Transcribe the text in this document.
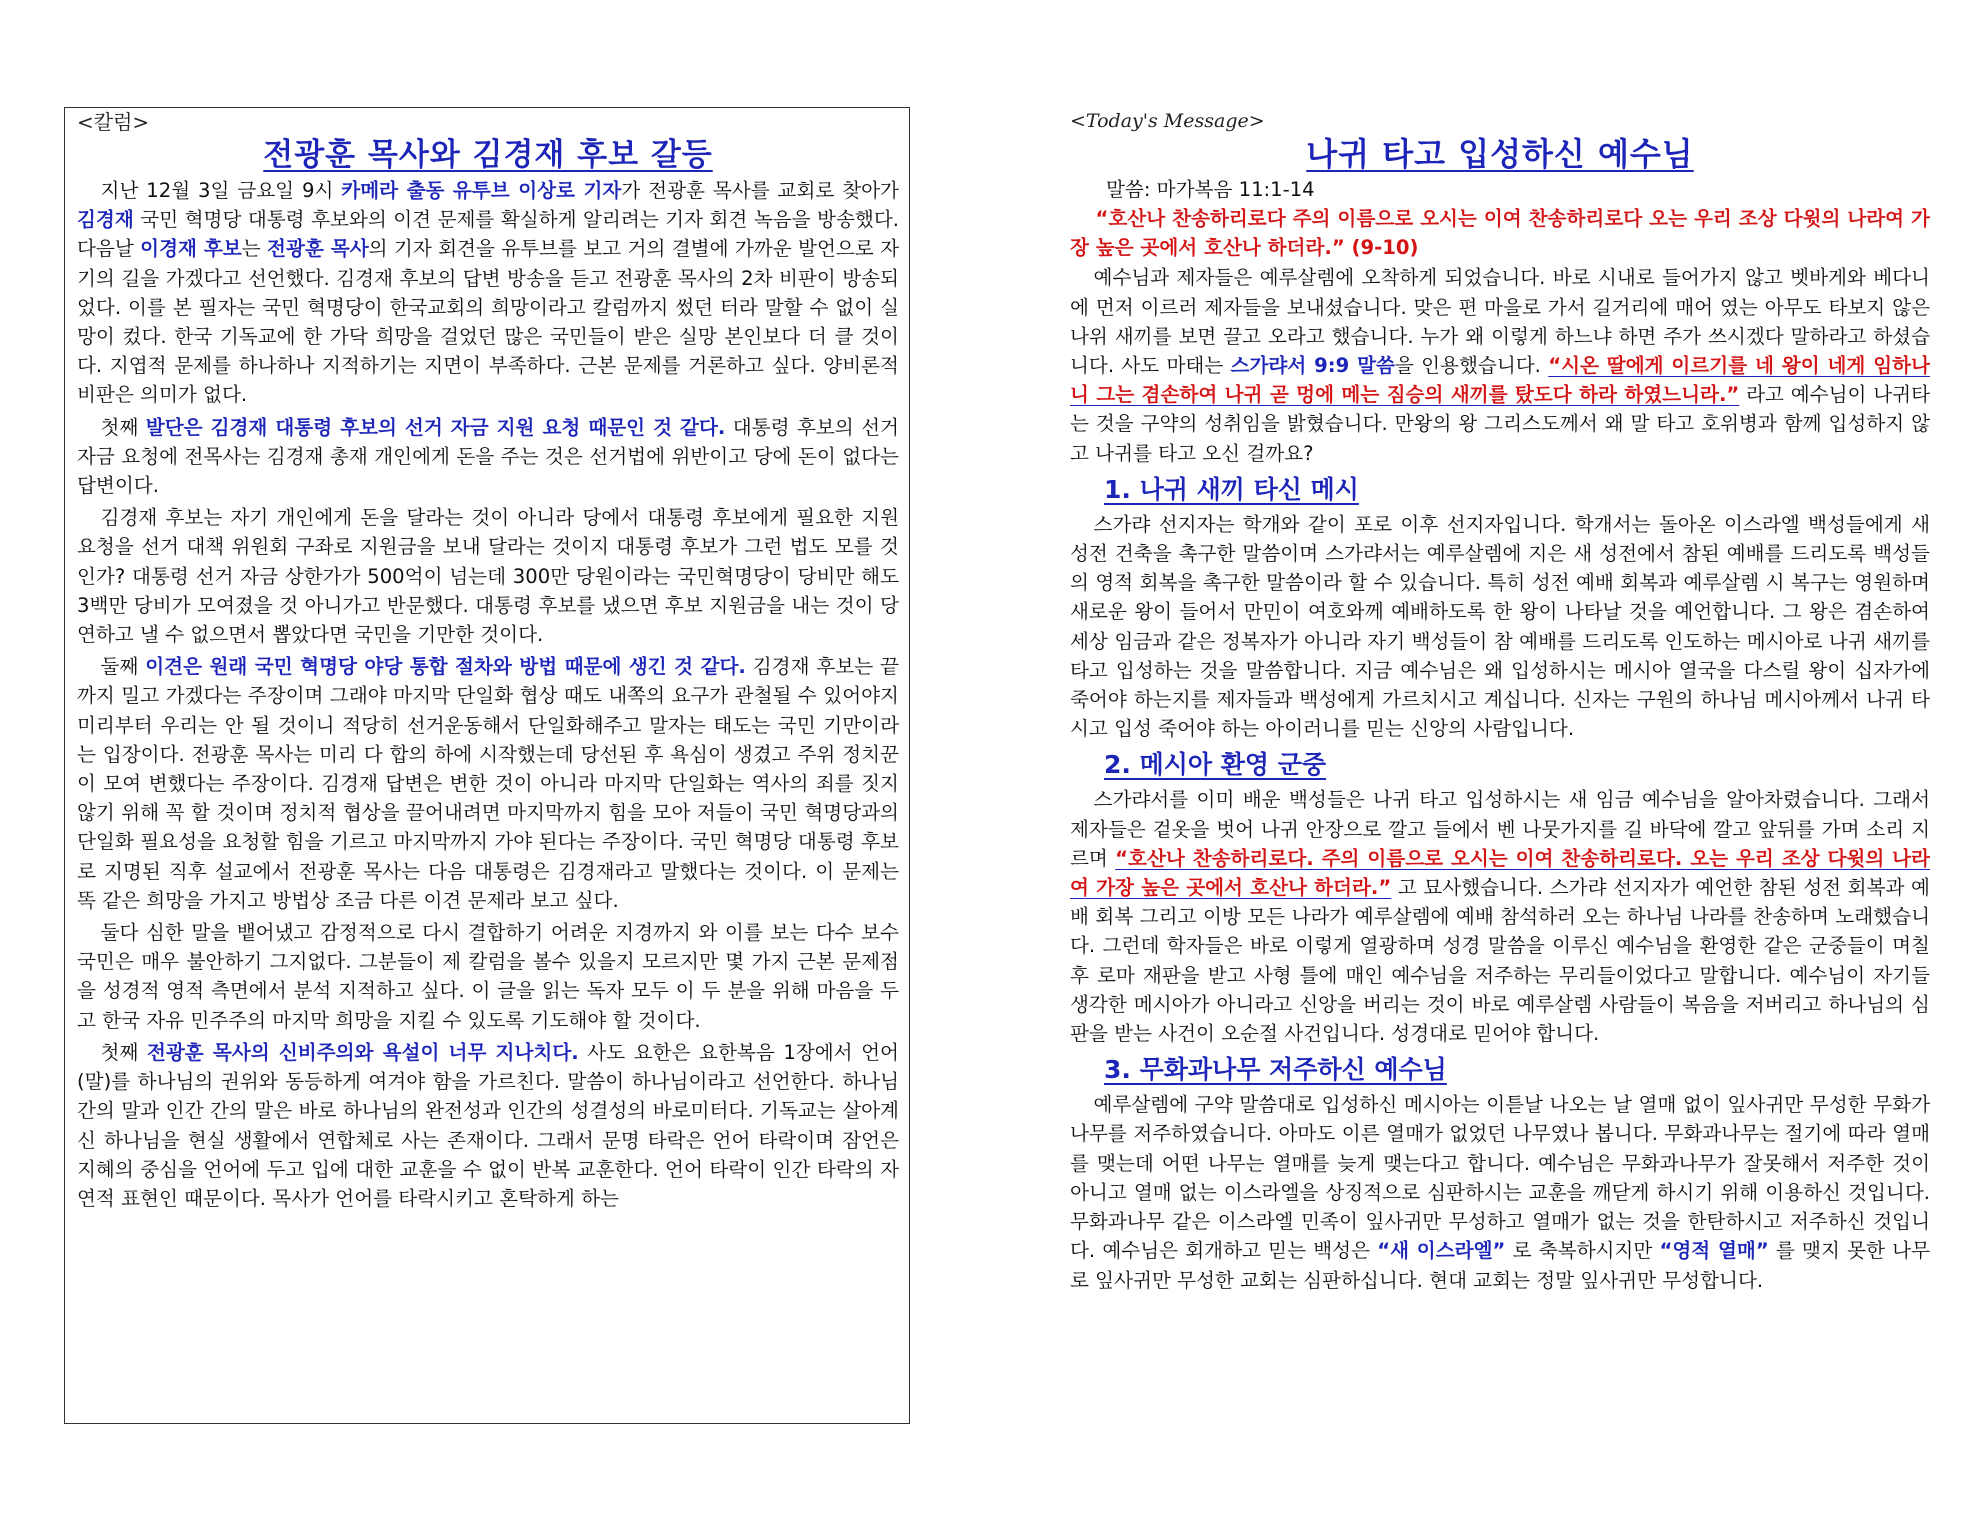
<칼럼>
전광훈 목사와 김경재 후보 갈등

지난 12월 3일 금요일 9시 카메라 출동 유투브 이상로 기자가 전광훈 목사를 교회로 찾아가 김경재 국민 혁명당 대통령 후보와의 이견 문제를 확실하게 알리려는 기자 회견 녹음을 방송했다. 다음날 이경재 후보는 전광훈 목사의 기자 회견을 유투브를 보고 거의 결별에 가까운 발언으로 자기의 길을 가겠다고 선언했다. 김경재 후보의 답변 방송을 듣고 전광훈 목사의 2차 비판이 방송되었다. 이를 본 필자는 국민 혁명당이 한국교회의 희망이라고 칼럼까지 썼던 터라 말할 수 없이 실망이 컸다. 한국 기독교에 한 가닥 희망을 걸었던 많은 국민들이 받은 실망 본인보다 더 클 것이다. 지엽적 문제를 하나하나 지적하기는 지면이 부족하다. 근본 문제를 거론하고 싶다. 양비론적 비판은 의미가 없다.

첫째 발단은 김경재 대통령 후보의 선거 자금 지원 요청 때문인 것 같다. 대통령 후보의 선거 자금 요청에 전목사는 김경재 총재 개인에게 돈을 주는 것은 선거법에 위반이고 당에 돈이 없다는 답변이다.

김경재 후보는 자기 개인에게 돈을 달라는 것이 아니라 당에서 대통령 후보에게 필요한 지원 요청을 선거 대책 위원회 구좌로 지원금을 보내 달라는 것이지 대통령 후보가 그런 법도 모를 것인가? 대통령 선거 자금 상한가가 500억이 넘는데 300만 당원이라는 국민혁명당이 당비만 해도 3백만 당비가 모여졌을 것 아니가고 반문했다. 대통령 후보를 냈으면 후보 지원금을 내는 것이 당연하고 낼 수 없으면서 뽑았다면 국민을 기만한 것이다.

둘째 이견은 원래 국민 혁명당 야당 통합 절차와 방법 때문에 생긴 것 같다. 김경재 후보는 끝까지 밀고 가겠다는 주장이며 그래야 마지막 단일화 협상 때도 내쪽의 요구가 관철될 수 있어야지 미리부터 우리는 안 될 것이니 적당히 선거운동해서 단일화해주고 말자는 태도는 국민 기만이라는 입장이다. 전광훈 목사는 미리 다 합의 하에 시작했는데 당선된 후 욕심이 생겼고 주위 정치꾼이 모여 변했다는 주장이다. 김경재 답변은 변한 것이 아니라 마지막 단일화는 역사의 죄를 짓지 않기 위해 꼭 할 것이며 정치적 협상을 끌어내려면 마지막까지 힘을 모아 저들이 국민 혁명당과의 단일화 필요성을 요청할 힘을 기르고 마지막까지 가야 된다는 주장이다. 국민 혁명당 대통령 후보로 지명된 직후 설교에서 전광훈 목사는 다음 대통령은 김경재라고 말했다는 것이다. 이 문제는 똑 같은 희망을 가지고 방법상 조금 다른 이견 문제라 보고 싶다.

둘다 심한 말을 뱉어냈고 감정적으로 다시 결합하기 어려운 지경까지 와 이를 보는 다수 보수 국민은 매우 불안하기 그지없다. 그분들이 제 칼럼을 볼수 있을지 모르지만 몇 가지 근본 문제점을 성경적 영적 측면에서 분석 지적하고 싶다. 이 글을 읽는 독자 모두 이 두 분을 위해 마음을 두고 한국 자유 민주주의 마지막 희망을 지킬 수 있도록 기도해야 할 것이다.

첫째 전광훈 목사의 신비주의와 욕설이 너무 지나치다. 사도 요한은 요한복음 1장에서 언어(말)를 하나님의 권위와 동등하게 여겨야 함을 가르친다. 말씀이 하나님이라고 선언한다. 하나님간의 말과 인간 간의 말은 바로 하나님의 완전성과 인간의 성결성의 바로미터다. 기독교는 살아계신 하나님을 현실 생활에서 연합체로 사는 존재이다. 그래서 문명 타락은 언어 타락이며 잠언은 지혜의 중심을 언어에 두고 입에 대한 교훈을 수 없이 반복 교훈한다. 언어 타락이 인간 타락의 자연적 표현인 때문이다. 목사가 언어를 타락시키고 혼탁하게 하는

<Today's Message>
나귀 타고 입성하신 예수님
말씀: 마가복음 11:1-14

“호산나 찬송하리로다 주의 이름으로 오시는 이여 찬송하리로다 오는 우리 조상 다윗의 나라여 가장 높은 곳에서 호산나 하더라.” (9-10)

예수님과 제자들은 예루살렘에 오착하게 되었습니다. 바로 시내로 들어가지 않고 벳바게와 베다니에 먼저 이르러 제자들을 보내셨습니다. 맞은 편 마을로 가서 길거리에 매어 였는 아무도 타보지 않은 나위 새끼를 보면 끌고 오라고 했습니다. 누가 왜 이렇게 하느냐 하면 주가 쓰시겠다 말하라고 하셨습니다. 사도 마태는 스가랴서 9:9 말씀을 인용했습니다. “시온 딸에게 이르기를 네 왕이 네게 임하나니 그는 겸손하여 나귀 곧 멍에 메는 짐승의 새끼를 탔도다 하라 하였느니라.” 라고 예수님이 나귀타는 것을 구약의 성취임을 밝혔습니다. 만왕의 왕 그리스도께서 왜 말 타고 호위병과 함께 입성하지 않고 나귀를 타고 오신 걸까요?

1. 나귀 새끼 타신 메시

스가랴 선지자는 학개와 같이 포로 이후 선지자입니다. 학개서는 돌아온 이스라엘 백성들에게 새 성전 건축을 촉구한 말씀이며 스가랴서는 예루살렘에 지은 새 성전에서 참된 예배를 드리도록 백성들의 영적 회복을 촉구한 말씀이라 할 수 있습니다. 특히 성전 예배 회복과 예루살렘 시 복구는 영원하며 새로운 왕이 들어서 만민이 여호와께 예배하도록 한 왕이 나타날 것을 예언합니다. 그 왕은 겸손하여 세상 임금과 같은 정복자가 아니라 자기 백성들이 참 예배를 드리도록 인도하는 메시아로 나귀 새끼를 타고 입성하는 것을 말씀합니다. 지금 예수님은 왜 입성하시는 메시아 열국을 다스릴 왕이 십자가에 죽어야 하는지를 제자들과 백성에게 가르치시고 계십니다. 신자는 구원의 하나님 메시아께서 나귀 타시고 입성 죽어야 하는 아이러니를 믿는 신앙의 사람입니다.

2. 메시아 환영 군중

스가랴서를 이미 배운 백성들은 나귀 타고 입성하시는 새 임금 예수님을 알아차렸습니다. 그래서 제자들은 겉옷을 벗어 나귀 안장으로 깔고 들에서 벤 나뭇가지를 길 바닥에 깔고 앞뒤를 가며 소리 지르며 “호산나 찬송하리로다. 주의 이름으로 오시는 이여 찬송하리로다. 오는 우리 조상 다윗의 나라여 가장 높은 곳에서 호산나 하더라.” 고 묘사했습니다. 스가랴 선지자가 예언한 참된 성전 회복과 예배 회복 그리고 이방 모든 나라가 예루살렘에 예배 참석하러 오는 하나님 나라를 찬송하며 노래했습니다. 그런데 학자들은 바로 이렇게 열광하며 성경 말씀을 이루신 예수님을 환영한 같은 군중들이 며칠 후 로마 재판을 받고 사형 틀에 매인 예수님을 저주하는 무리들이었다고 말합니다. 예수님이 자기들 생각한 메시아가 아니라고 신앙을 버리는 것이 바로 예루살렘 사람들이 복음을 저버리고 하나님의 심판을 받는 사건이 오순절 사건입니다. 성경대로 믿어야 합니다.

3. 무화과나무 저주하신 예수님

예루살렘에 구약 말씀대로 입성하신 메시아는 이튿날 나오는 날 열매 없이 잎사귀만 무성한 무화가 나무를 저주하였습니다. 아마도 이른 열매가 없었던 나무였나 봅니다. 무화과나무는 절기에 따라 열매를 맺는데 어떤 나무는 열매를 늦게 맺는다고 합니다. 예수님은 무화과나무가 잘못해서 저주한 것이 아니고 열매 없는 이스라엘을 상징적으로 심판하시는 교훈을 깨닫게 하시기 위해 이용하신 것입니다. 무화과나무 같은 이스라엘 민족이 잎사귀만 무성하고 열매가 없는 것을 한탄하시고 저주하신 것입니다. 예수님은 회개하고 믿는 백성은 “새 이스라엘” 로 축복하시지만 “영적 열매” 를 맺지 못한 나무로 잎사귀만 무성한 교회는 심판하십니다. 현대 교회는 정말 잎사귀만 무성합니다.
